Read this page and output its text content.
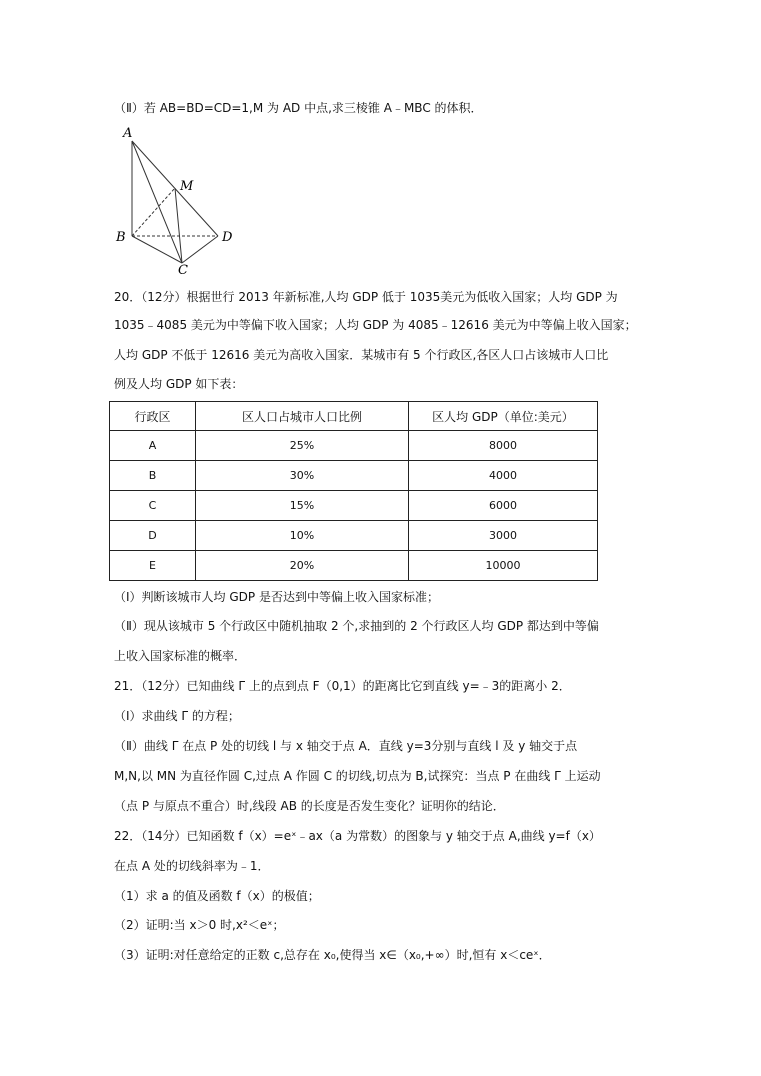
（Ⅱ）若 AB=BD=CD=1,M 为 AD 中点,求三棱锥 A﹣MBC 的体积．
A
M
B	D
C
20．（12分）根据世行 2013 年新标准,人均 GDP 低于 1035美元为低收入国家；人均 GDP 为
1035﹣4085 美元为中等偏下收入国家；人均 GDP 为 4085﹣12616 美元为中等偏上收入国家；
人均 GDP 不低于 12616 美元为高收入国家．某城市有 5 个行政区,各区人口占该城市人口比
例及人均 GDP 如下表：
行政区	区人口占城市人口比例	区人均 GDP（单位:美元）
A	25%	8000
B	30%	4000
C	15%	6000
D	10%	3000
E	20%	10000
（Ⅰ）判断该城市人均 GDP 是否达到中等偏上收入国家标准；
（Ⅱ）现从该城市 5 个行政区中随机抽取 2 个,求抽到的 2 个行政区人均 GDP 都达到中等偏
上收入国家标准的概率．
21．（12分）已知曲线 Γ 上的点到点 F（0,1）的距离比它到直线 y=﹣3的距离小 2．
（Ⅰ）求曲线 Γ 的方程；
（Ⅱ）曲线 Γ 在点 P 处的切线 l 与 x 轴交于点 A．直线 y=3分别与直线 l 及 y 轴交于点
M,N,以 MN 为直径作圆 C,过点 A 作圆 C 的切线,切点为 B,试探究：当点 P 在曲线 Γ 上运动
（点 P 与原点不重合）时,线段 AB 的长度是否发生变化？证明你的结论．
22．（14分）已知函数 f（x）=eˣ﹣ax（a 为常数）的图象与 y 轴交于点 A,曲线 y=f（x）
在点 A 处的切线斜率为﹣1．
（1）求 a 的值及函数 f（x）的极值；
（2）证明:当 x＞0 时,x²＜eˣ；
（3）证明:对任意给定的正数 c,总存在 x₀,使得当 x∈（x₀,+∞）时,恒有 x＜ceˣ．
